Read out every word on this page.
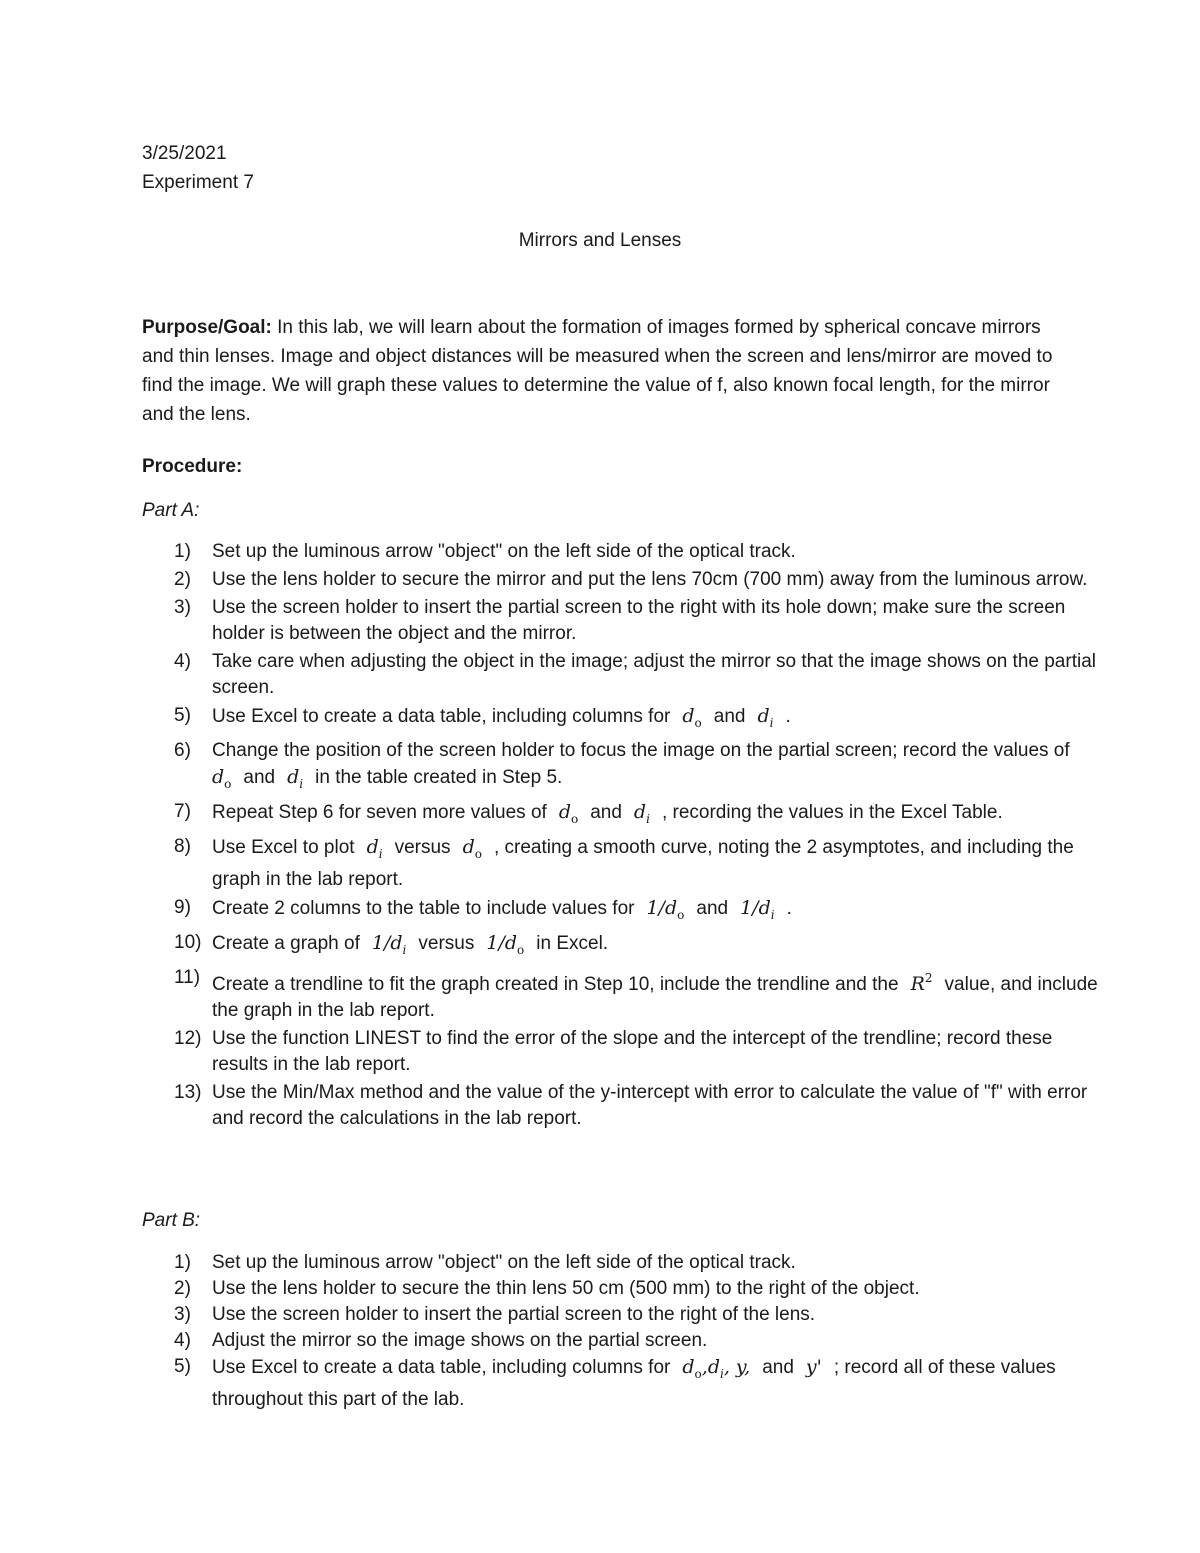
3/25/2021
Experiment 7
Mirrors and Lenses
Purpose/Goal: In this lab, we will learn about the formation of images formed by spherical concave mirrors and thin lenses. Image and object distances will be measured when the screen and lens/mirror are moved to find the image. We will graph these values to determine the value of f, also known focal length, for the mirror and the lens.
Procedure:
Part A:
1)	Set up the luminous arrow "object" on the left side of the optical track.
2)	Use the lens holder to secure the mirror and put the lens 70cm (700 mm) away from the luminous arrow.
3)	Use the screen holder to insert the partial screen to the right with its hole down; make sure the screen holder is between the object and the mirror.
4)	Take care when adjusting the object in the image; adjust the mirror so that the image shows on the partial screen.
5)	Use Excel to create a data table, including columns for $d_o$ and $d_i$ .
6)	Change the position of the screen holder to focus the image on the partial screen; record the values ofd$_o$ and $d_i$ in the table created in Step 5.
7)	Repeat Step 6 for seven more values of $d_o$ and $d_i$ , recording the values in the Excel Table.
8)	Use Excel to plot $d_i$ versus $d_o$ , creating a smooth curve, noting the 2 asymptotes, and including the graph in the lab report.
9)	Create 2 columns to the table to include values for $1/d_o$ and $1/d_i$ .
10) Create a graph of $1/d_i$ versus $1/d_o$ in Excel.
11) Create a trendline to fit the graph created in Step 10, include the trendline and the $R^2$ value, and include the graph in the lab report.
12) Use the function LINEST to find the error of the slope and the intercept of the trendline; record these results in the lab report.
13) Use the Min/Max method and the value of the y-intercept with error to calculate the value of "f" with error and record the calculations in the lab report.
Part B:
1)	Set up the luminous arrow "object" on the left side of the optical track.
2)	Use the lens holder to secure the thin lens 50 cm (500 mm) to the right of the object.
3)	Use the screen holder to insert the partial screen to the right of the lens.
4)	Adjust the mirror so the image shows on the partial screen.
5)	Use Excel to create a data table, including columns for $d_o,d_i$, y, and y' ; record all of these values throughout this part of the lab.
